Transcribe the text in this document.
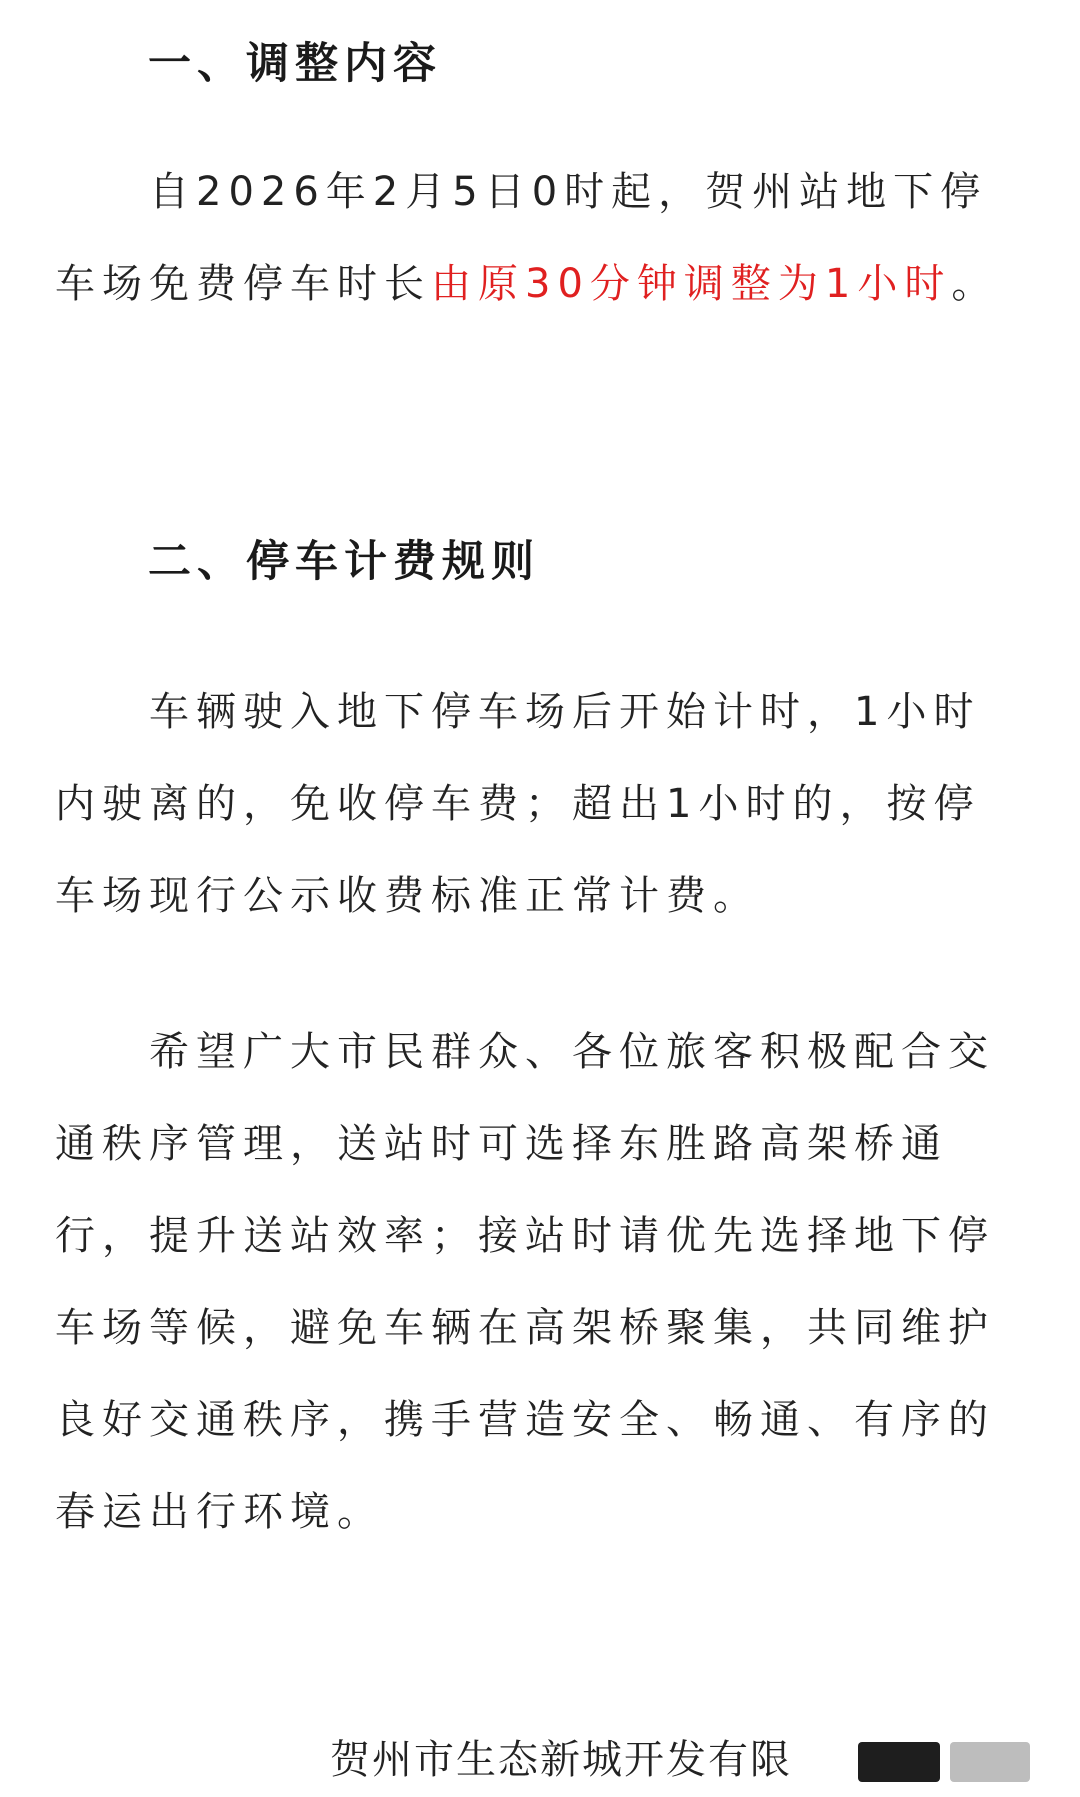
一、调整内容

自2026年2月5日0时起，贺州站地下停车场免费停车时长由原30分钟调整为1小时。

二、停车计费规则

车辆驶入地下停车场后开始计时，1小时内驶离的，免收停车费；超出1小时的，按停车场现行公示收费标准正常计费。

希望广大市民群众、各位旅客积极配合交通秩序管理，送站时可选择东胜路高架桥通行，提升送站效率；接站时请优先选择地下停车场等候，避免车辆在高架桥聚集，共同维护良好交通秩序，携手营造安全、畅通、有序的春运出行环境。

贺州市生态新城开发有限
